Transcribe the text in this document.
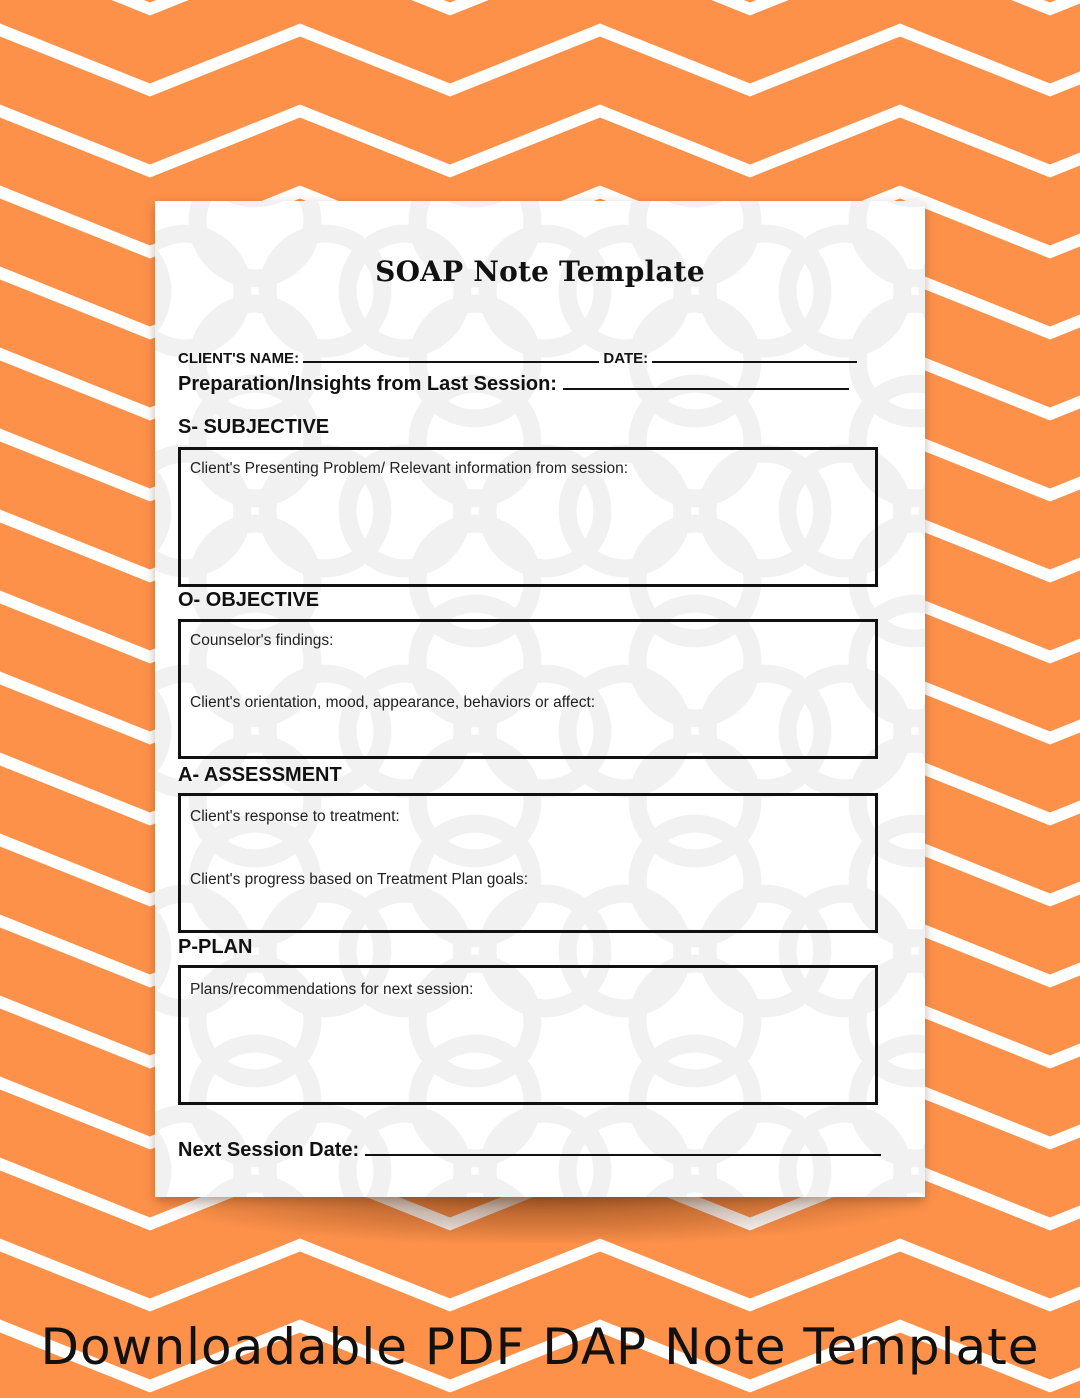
SOAP Note Template
CLIENT'S NAME:	DATE:
Preparation/Insights from Last Session:
S- SUBJECTIVE
Client's Presenting Problem/ Relevant information from session:
O- OBJECTIVE
Counselor's findings:
Client's orientation, mood, appearance, behaviors or affect:
A- ASSESSMENT
Client's response to treatment:
Client's progress based on Treatment Plan goals:
P-PLAN
Plans/recommendations for next session:
Next Session Date:
Downloadable PDF DAP Note Template
